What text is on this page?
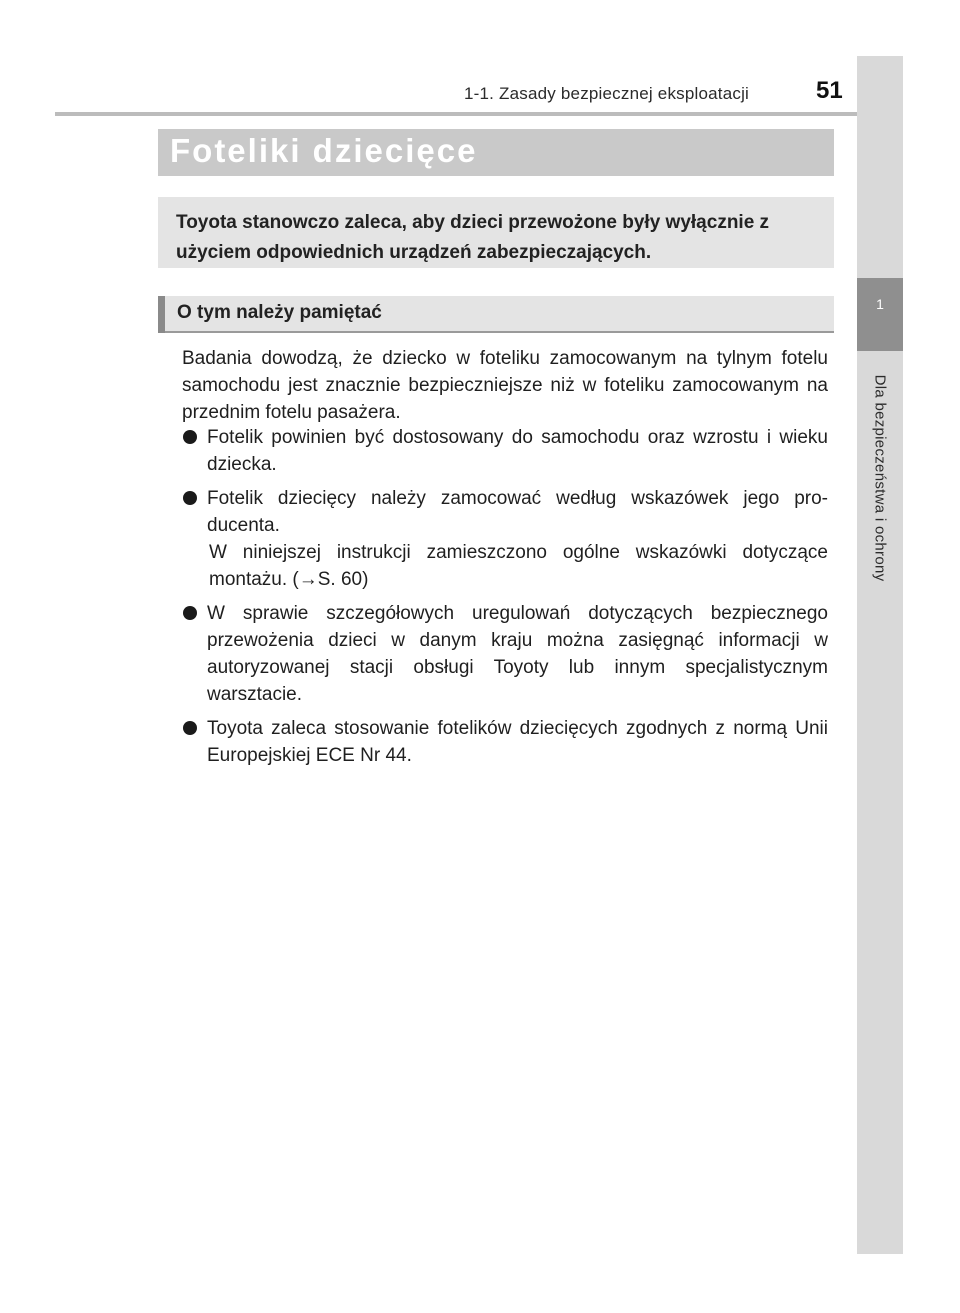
1-1. Zasady bezpiecznej eksploatacji	51
1
Dla bezpieczeństwa i ochrony
Foteliki dziecięce
Toyota stanowczo zaleca, aby dzieci przewożone były wyłącznie z użyciem odpowiednich urządzeń zabezpieczających.
O tym należy pamiętać
Badania dowodzą, że dziecko w foteliku zamocowanym na tylnym fotelu samochodu jest znacznie bezpieczniejsze niż w foteliku zamocowanym na przednim fotelu pasażera.
Fotelik powinien być dostosowany do samochodu oraz wzrostu i wieku dziecka.
Fotelik dziecięcy należy zamocować według wskazówek jego pro-ducenta.
W niniejszej instrukcji zamieszczono ogólne wskazówki dotyczące montażu. (→S. 60)
W sprawie szczegółowych uregulowań dotyczących bezpiecznego przewożenia dzieci w danym kraju można zasięgnąć informacji w autoryzowanej stacji obsługi Toyoty lub innym specjalistycznym warsztacie.
Toyota zaleca stosowanie fotelików dziecięcych zgodnych z normą Unii Europejskiej ECE Nr 44.
